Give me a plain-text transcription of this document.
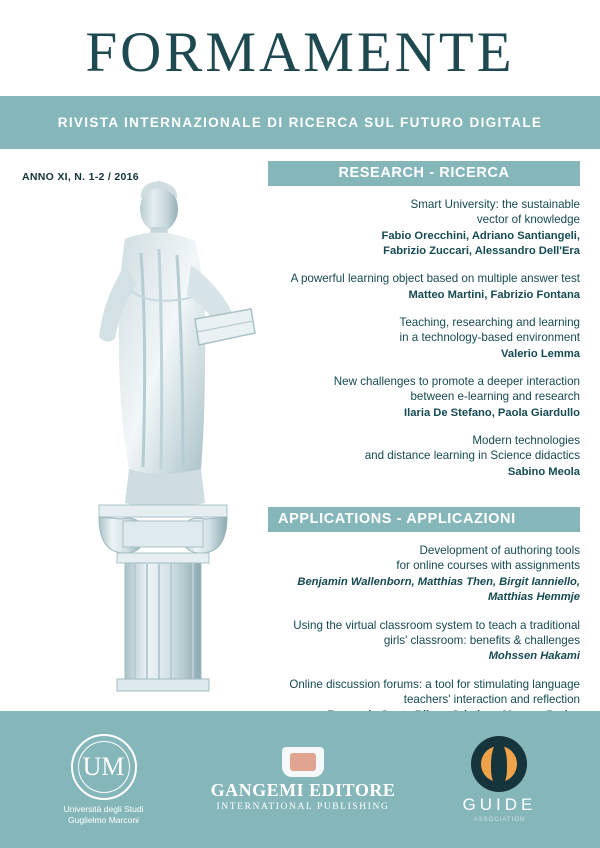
FORMAMENTE
RIVISTA INTERNAZIONALE DI RICERCA SUL FUTURO DIGITALE
ANNO XI, N. 1-2 / 2016	RESEARCH - RICERCA
Smart University: the sustainable
vector of knowledge
Fabio Orecchini, Adriano Santiangeli,
Fabrizio Zuccari, Alessandro Dell'Era
A powerful learning object based on multiple answer test
Matteo Martini, Fabrizio Fontana
Teaching, researching and learning
in a technology-based environment
Valerio Lemma
New challenges to promote a deeper interaction
between e-learning and research
Ilaria De Stefano, Paola Giardullo
Modern technologies
and distance learning in Science didactics
Sabino Meola
APPLICATIONS - APPLICAZIONI
Development of authoring tools
for online courses with assignments
Benjamin Wallenborn, Matthias Then, Birgit Ianniello,
Matthias Hemmje
Using the virtual classroom system to teach a traditional
girls' classroom: benefits & challenges
Mohssen Hakami
Online discussion forums: a tool for stimulating language
teachers' interaction and reflection
UM
Università degli Studi
Guglielmo Marconi
GANGEMI EDITORE
INTERNATIONAL PUBLISHING	GUIDE
ASSOCIATION
